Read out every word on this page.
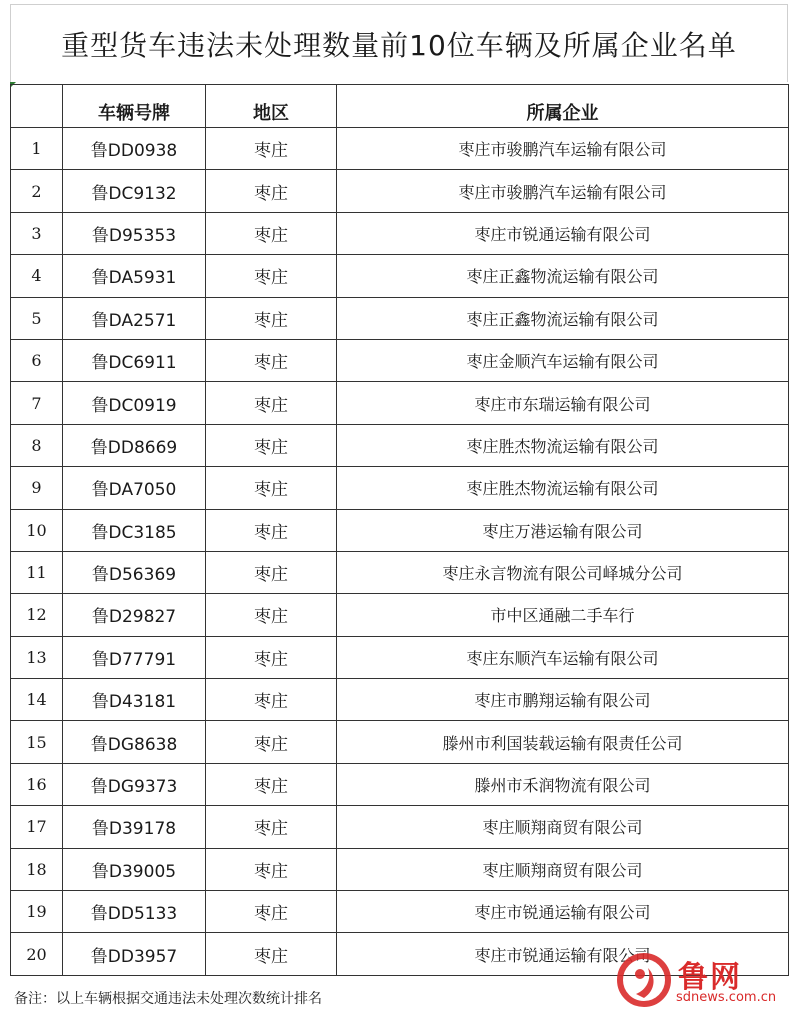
重型货车违法未处理数量前10位车辆及所属企业名单
	车辆号牌	地区	所属企业
1	鲁DD0938	枣庄	枣庄市骏鹏汽车运输有限公司
2	鲁DC9132	枣庄	枣庄市骏鹏汽车运输有限公司
3	鲁D95353	枣庄	枣庄市锐通运输有限公司
4	鲁DA5931	枣庄	枣庄正鑫物流运输有限公司
5	鲁DA2571	枣庄	枣庄正鑫物流运输有限公司
6	鲁DC6911	枣庄	枣庄金顺汽车运输有限公司
7	鲁DC0919	枣庄	枣庄市东瑞运输有限公司
8	鲁DD8669	枣庄	枣庄胜杰物流运输有限公司
9	鲁DA7050	枣庄	枣庄胜杰物流运输有限公司
10	鲁DC3185	枣庄	枣庄万港运输有限公司
11	鲁D56369	枣庄	枣庄永言物流有限公司峄城分公司
12	鲁D29827	枣庄	市中区通融二手车行
13	鲁D77791	枣庄	枣庄东顺汽车运输有限公司
14	鲁D43181	枣庄	枣庄市鹏翔运输有限公司
15	鲁DG8638	枣庄	滕州市利国装载运输有限责任公司
16	鲁DG9373	枣庄	滕州市禾润物流有限公司
17	鲁D39178	枣庄	枣庄顺翔商贸有限公司
18	鲁D39005	枣庄	枣庄顺翔商贸有限公司
19	鲁DD5133	枣庄	枣庄市锐通运输有限公司
20	鲁DD3957	枣庄	枣庄市锐通运输有限公司
备注：以上车辆根据交通违法未处理次数统计排名
鲁网
sdnews.com.cn
